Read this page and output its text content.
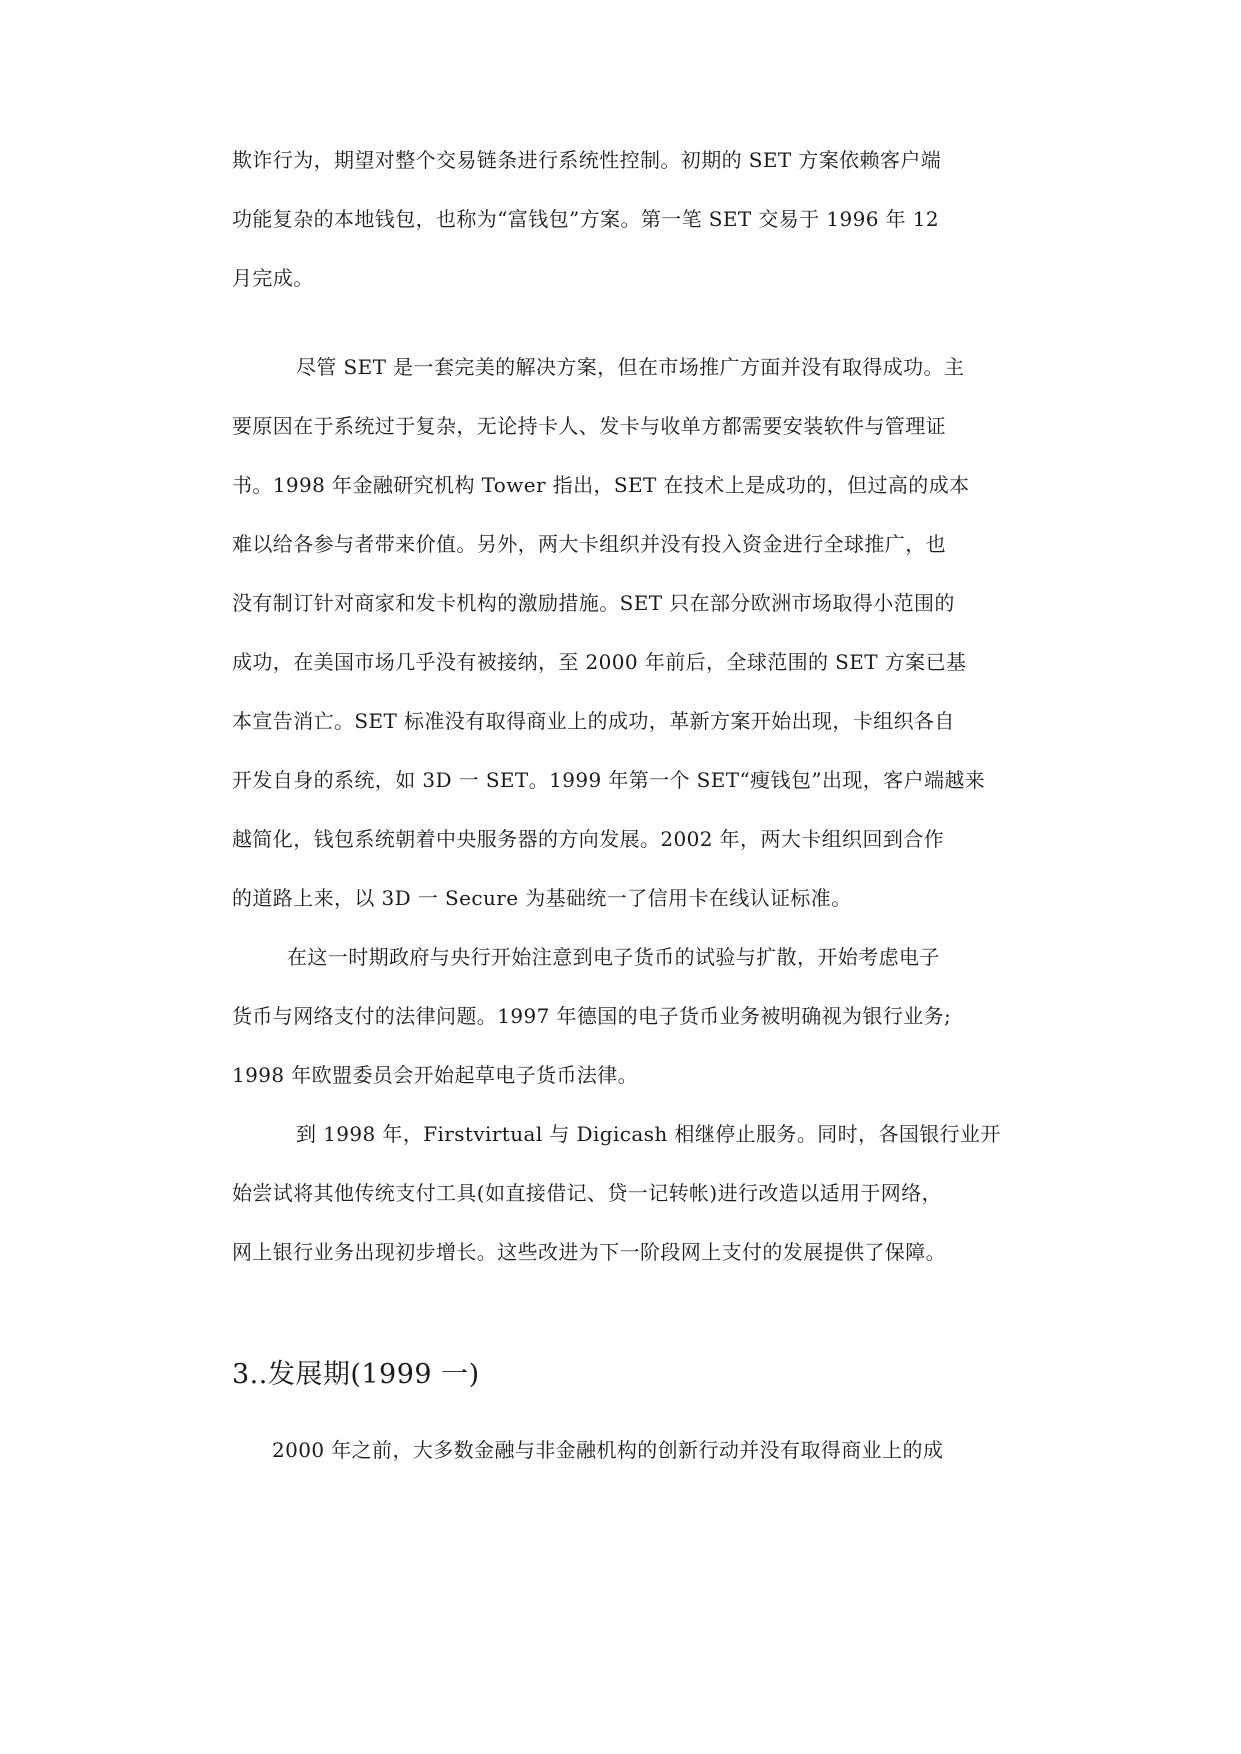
欺诈行为，期望对整个交易链条进行系统性控制。初期的 SET 方案依赖客户端
功能复杂的本地钱包，也称为“富钱包”方案。第一笔 SET 交易于 1996 年 12
月完成。
尽管 SET 是一套完美的解决方案，但在市场推广方面并没有取得成功。主
要原因在于系统过于复杂，无论持卡人、发卡与收单方都需要安装软件与管理证
书。1998 年金融研究机构 Tower 指出，SET 在技术上是成功的，但过高的成本
难以给各参与者带来价值。另外，两大卡组织并没有投入资金进行全球推广，也
没有制订针对商家和发卡机构的激励措施。SET 只在部分欧洲市场取得小范围的
成功，在美国市场几乎没有被接纳，至 2000 年前后，全球范围的 SET 方案已基
本宣告消亡。SET 标准没有取得商业上的成功，革新方案开始出现，卡组织各自
开发自身的系统，如 3D 一 SET。1999 年第一个 SET“瘦钱包”出现，客户端越来
越简化，钱包系统朝着中央服务器的方向发展。2002 年，两大卡组织回到合作
的道路上来，以 3D 一 Secure 为基础统一了信用卡在线认证标准。
在这一时期政府与央行开始注意到电子货币的试验与扩散，开始考虑电子
货币与网络支付的法律问题。1997 年德国的电子货币业务被明确视为银行业务;
1998 年欧盟委员会开始起草电子货币法律。
到 1998 年，Firstvirtual 与 Digicash 相继停止服务。同时，各国银行业开
始尝试将其他传统支付工具(如直接借记、贷一记转帐)进行改造以适用于网络，
网上银行业务出现初步增长。这些改进为下一阶段网上支付的发展提供了保障。
3..发展期(1999 一)
2000 年之前，大多数金融与非金融机构的创新行动并没有取得商业上的成
